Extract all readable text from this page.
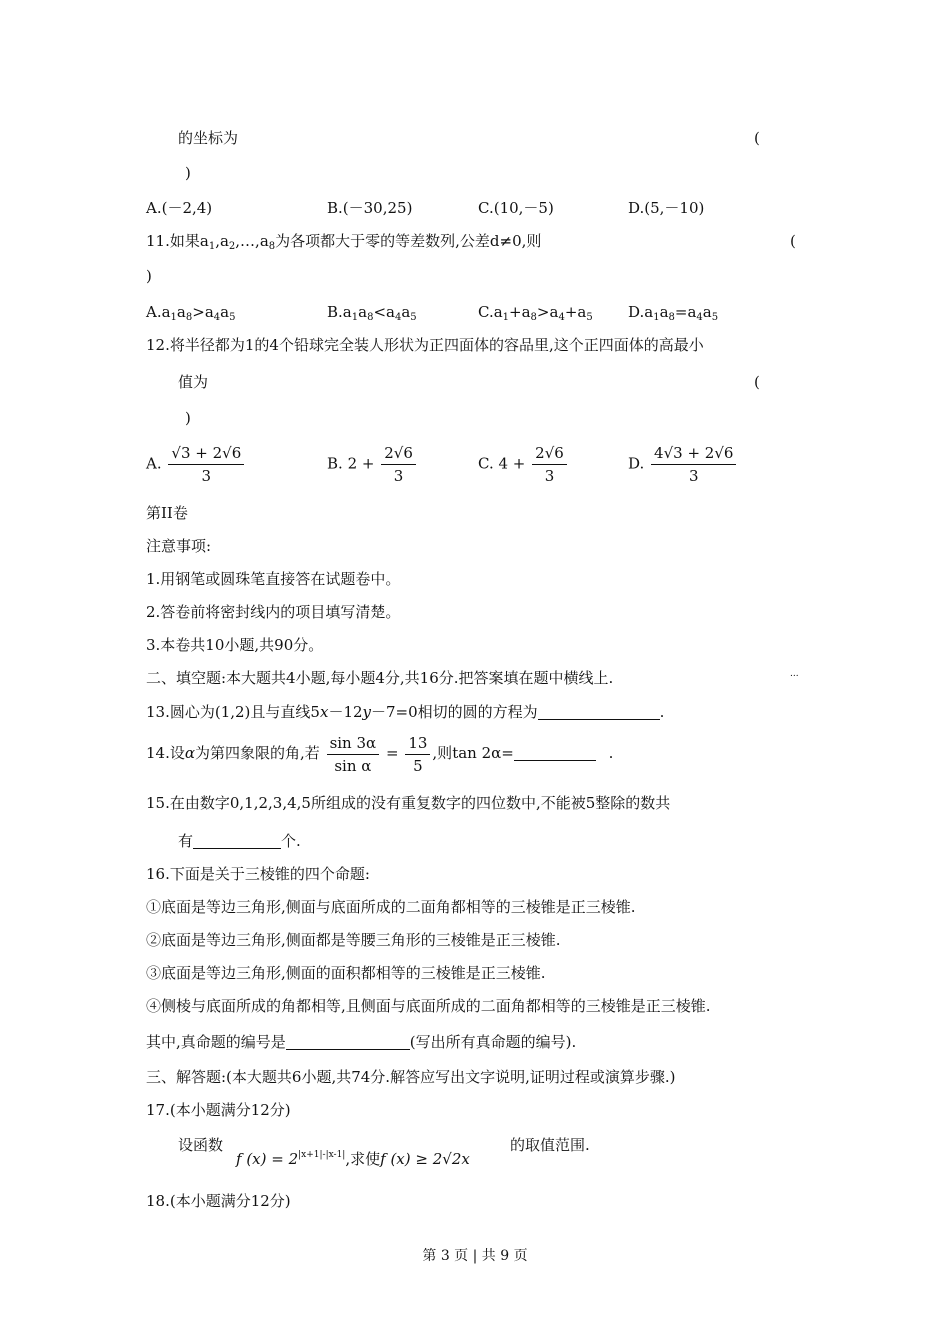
的坐标为	(
)
A.(－2,4)	B.(－30,25)	C.(10,－5)	D.(5,－10)
11.如果$a_1,a_2,\dots,a_8$为各项都大于零的等差数列,公差d≠0,则	(
)
$A.a_1a_8>a_4a_5$	$B.a_1a_8<a_4a_5$	$C.a_1+a_8>a_4+a_5$ $D.a_1a_8=a_4a_5$
12.将半径都为1的4个铅球完全装人形状为正四面体的容品里,这个正四面体的高最小
值为	(
)
A. $\frac{√3 + 2√6}{3}$	B. $2 + \frac{2√6}{3}$	C. $4 + \frac{2√6}{3}$	D. $\frac{4√3 + 2√6}{3}$
第II卷
注意事项:
1.用钢笔或圆珠笔直接答在试题卷中。
2.答卷前将密封线内的项目填写清楚。
3.本卷共10小题,共90分。
二、填空题:本大题共4小题,每小题4分,共16分.把答案填在题中横线上.	...
13.圆心为(1,2)且与直线5x－12y－7=0相切的圆的方程为	.
14.设α为第四象限的角,若 $\frac{\sin 3\alpha}{\text{sin α}} = \frac{13}{5}$ ,则tan 2α=	.
15.在由数字0,1,2,3,4,5所组成的没有重复数字的四位数中,不能被5整除的数共
有	个.
16.下面是关于三棱锥的四个命题:
①底面是等边三角形,侧面与底面所成的二面角都相等的三棱锥是正三棱锥.
②底面是等边三角形,侧面都是等腰三角形的三棱锥是正三棱锥.
③底面是等边三角形,侧面的面积都相等的三棱锥是正三棱锥.
④侧棱与底面所成的角都相等,且侧面与底面所成的二面角都相等的三棱锥是正三棱锥.
其中,真命题的编号是	(写出所有真命题的编号).
三、解答题:(本大题共6小题,共74分.解答应写出文字说明,证明过程或演算步骤.)
17.(本小题满分12分)
设函数
f $(x) = 2^{|x+1|-|x-1|}$,求使f (x) ≥ 2√2x
的取值范围.
18.(本小题满分12分)
第 3 页 | 共 9 页
